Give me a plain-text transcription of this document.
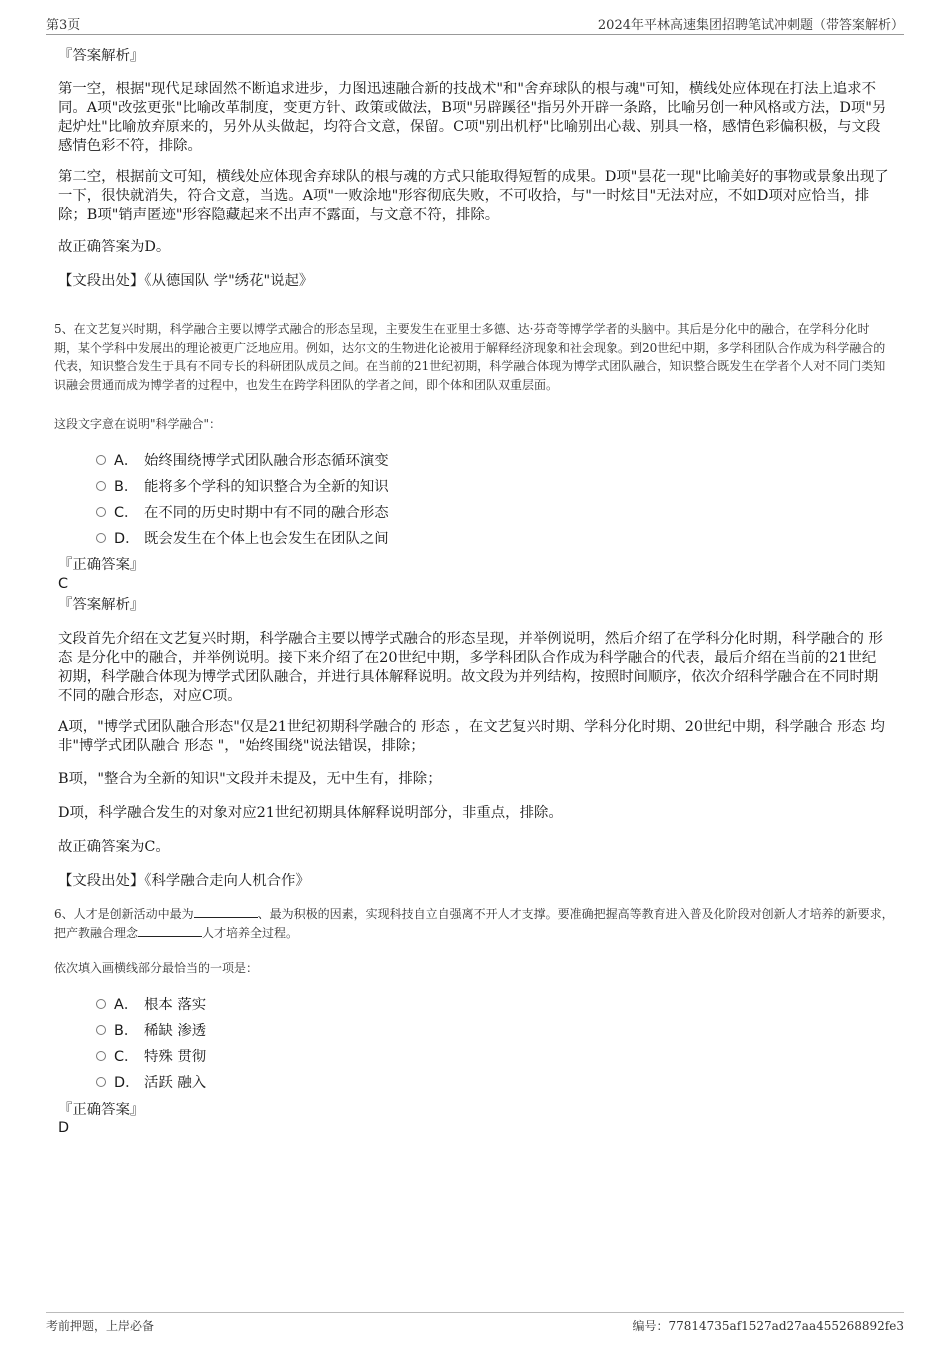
第3页	2024年平林高速集团招聘笔试冲刺题（带答案解析）
『答案解析』
第一空，根据"现代足球固然不断追求进步，力图迅速融合新的技战术"和"舍弃球队的根与魂"可知，横线处应体现在打法上追求不同。A项"改弦更张"比喻改革制度，变更方针、政策或做法，B项"另辟蹊径"指另外开辟一条路，比喻另创一种风格或方法，D项"另起炉灶"比喻放弃原来的，另外从头做起，均符合文意，保留。C项"别出机杼"比喻别出心裁、别具一格，感情色彩偏积极，与文段感情色彩不符，排除。
第二空，根据前文可知，横线处应体现舍弃球队的根与魂的方式只能取得短暂的成果。D项"昙花一现"比喻美好的事物或景象出现了一下，很快就消失，符合文意，当选。A项"一败涂地"形容彻底失败，不可收拾，与"一时炫目"无法对应，不如D项对应恰当，排除；B项"销声匿迹"形容隐藏起来不出声不露面，与文意不符，排除。
故正确答案为D。
【文段出处】《从德国队 学"绣花"说起》
5、在文艺复兴时期，科学融合主要以博学式融合的形态呈现，主要发生在亚里士多德、达·芬奇等博学学者的头脑中。其后是分化中的融合，在学科分化时期，某个学科中发展出的理论被更广泛地应用。例如，达尔文的生物进化论被用于解释经济现象和社会现象。到20世纪中期，多学科团队合作成为科学融合的代表，知识整合发生于具有不同专长的科研团队成员之间。在当前的21世纪初期，科学融合体现为博学式团队融合，知识整合既发生在学者个人对不同门类知识融会贯通而成为博学者的过程中，也发生在跨学科团队的学者之间，即个体和团队双重层面。
这段文字意在说明"科学融合"：
A． 始终围绕博学式团队融合形态循环演变
B． 能将多个学科的知识整合为全新的知识
C． 在不同的历史时期中有不同的融合形态
D． 既会发生在个体上也会发生在团队之间
『正确答案』
C
『答案解析』
文段首先介绍在文艺复兴时期，科学融合主要以博学式融合的形态呈现，并举例说明，然后介绍了在学科分化时期，科学融合的 形态 是分化中的融合，并举例说明。接下来介绍了在20世纪中期，多学科团队合作成为科学融合的代表，最后介绍在当前的21世纪初期，科学融合体现为博学式团队融合，并进行具体解释说明。故文段为并列结构，按照时间顺序，依次介绍科学融合在不同时期不同的融合形态，对应C项。
A项，"博学式团队融合形态"仅是21世纪初期科学融合的 形态 ，在文艺复兴时期、学科分化时期、20世纪中期，科学融合 形态 均非"博学式团队融合 形态 "，"始终围绕"说法错误，排除；
B项，"整合为全新的知识"文段并未提及，无中生有，排除；
D项，科学融合发生的对象对应21世纪初期具体解释说明部分，非重点，排除。
故正确答案为C。
【文段出处】《科学融合走向人机合作》
6、人才是创新活动中最为	、最为积极的因素，实现科技自立自强离不开人才支撑。要准确把握高等教育进入普及化阶段对创新人才培养的新要求，把产教融合理念	人才培养全过程。
依次填入画横线部分最恰当的一项是：
A． 根本 落实
B． 稀缺 渗透
C． 特殊 贯彻
D． 活跃 融入
『正确答案』
D
考前押题，上岸必备	编号：77814735af1527ad27aa455268892fe3
